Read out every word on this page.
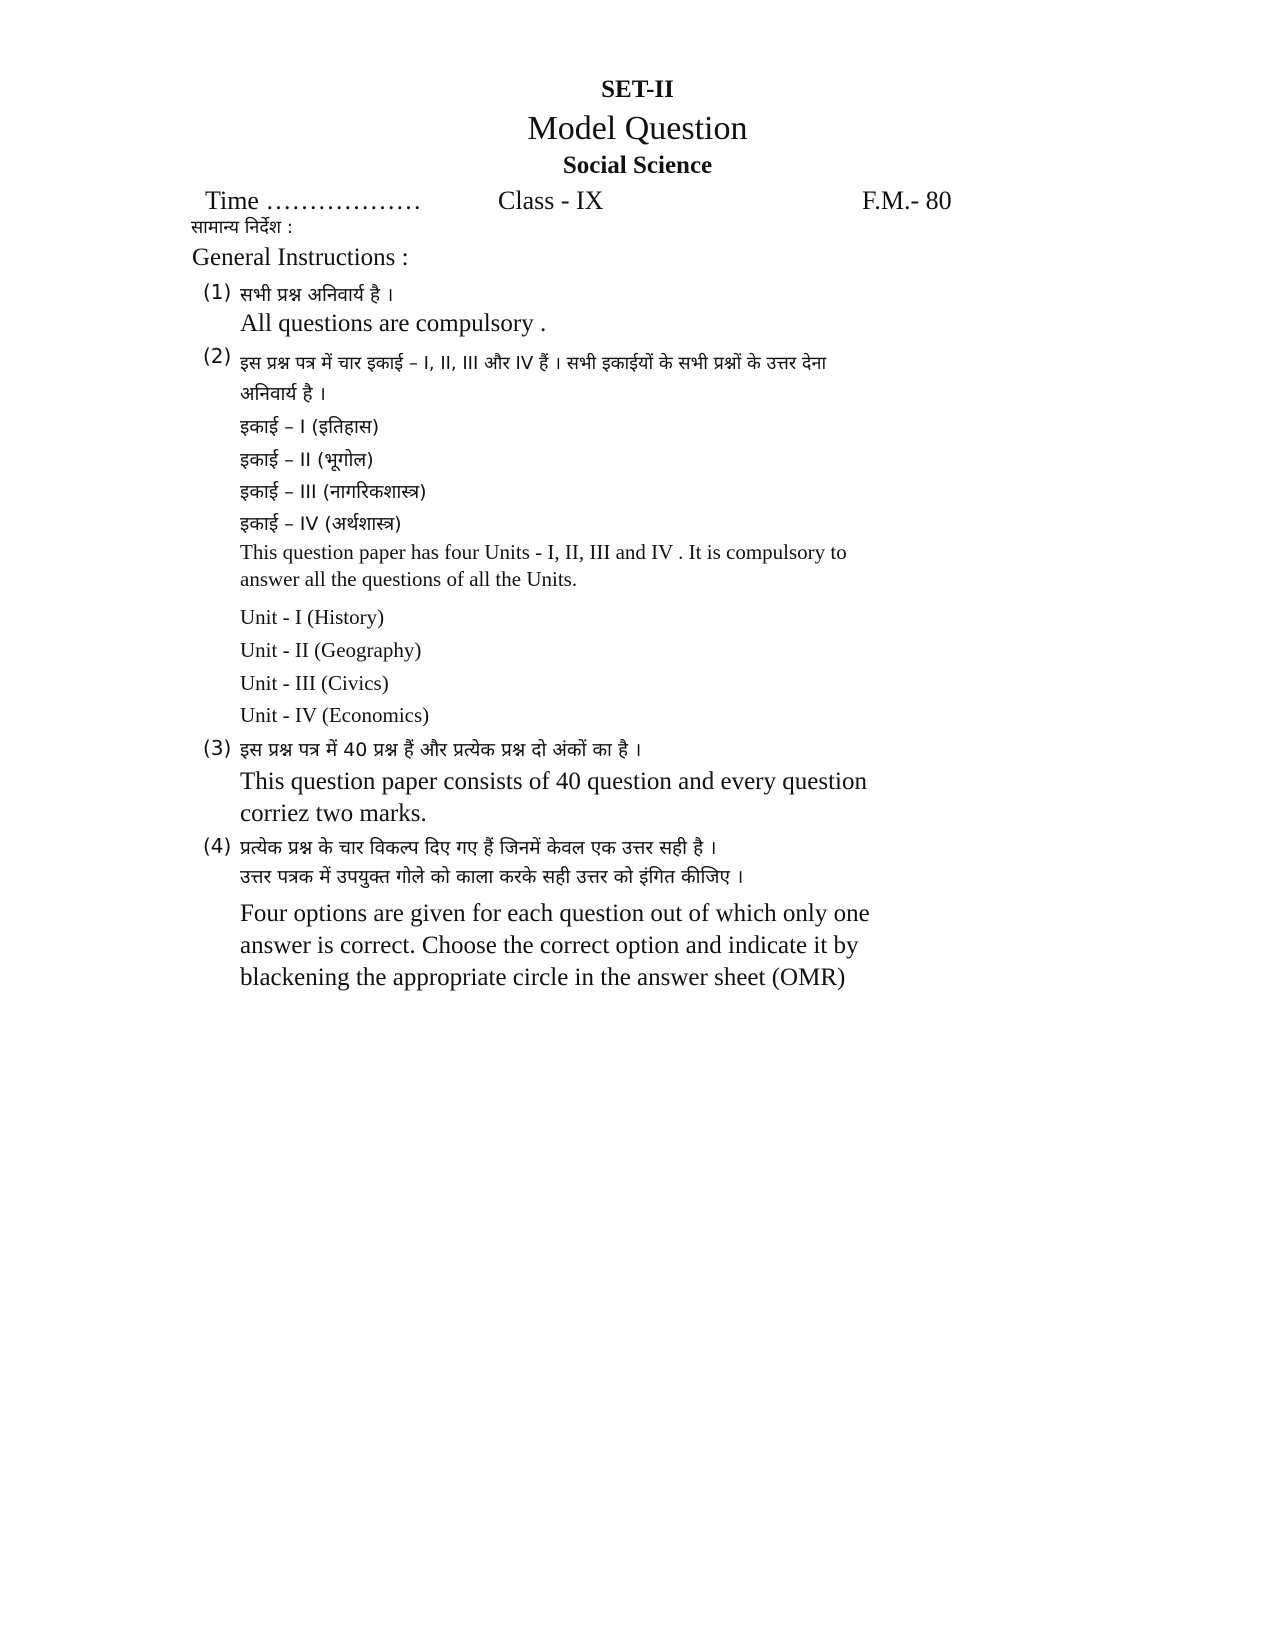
SET-II
Model Question
Social Science
Time ………………	Class - IX	F.M.- 80
सामान्य निर्देश :
General Instructions :
(1) सभी प्रश्न अनिवार्य है ।
All questions are compulsory .
(2) इस प्रश्न पत्र में चार इकाई – I, II, III और IV हैं । सभी इकाईयों के सभी प्रश्नों के उत्तर देना
अनिवार्य है ।
इकाई – I (इतिहास)
इकाई – II (भूगोल)
इकाई – III (नागरिकशास्त्र)
इकाई – IV (अर्थशास्त्र)
This question paper has four Units - I, II, III and IV . It is compulsory to
answer all the questions of all the Units.
Unit - I (History)
Unit - II (Geography)
Unit - III (Civics)
Unit - IV (Economics)
(3) इस प्रश्न पत्र में 40 प्रश्न हैं और प्रत्येक प्रश्न दो अंकों का है ।
This question paper consists of 40 question and every question
corriez two marks.
(4) प्रत्येक प्रश्न के चार विकल्प दिए गए हैं जिनमें केवल एक उत्तर सही है ।
उत्तर पत्रक में उपयुक्त गोले को काला करके सही उत्तर को इंगित कीजिए ।
Four options are given for each question out of which only one
answer is correct. Choose the correct option and indicate it by
blackening the appropriate circle in the answer sheet (OMR)
